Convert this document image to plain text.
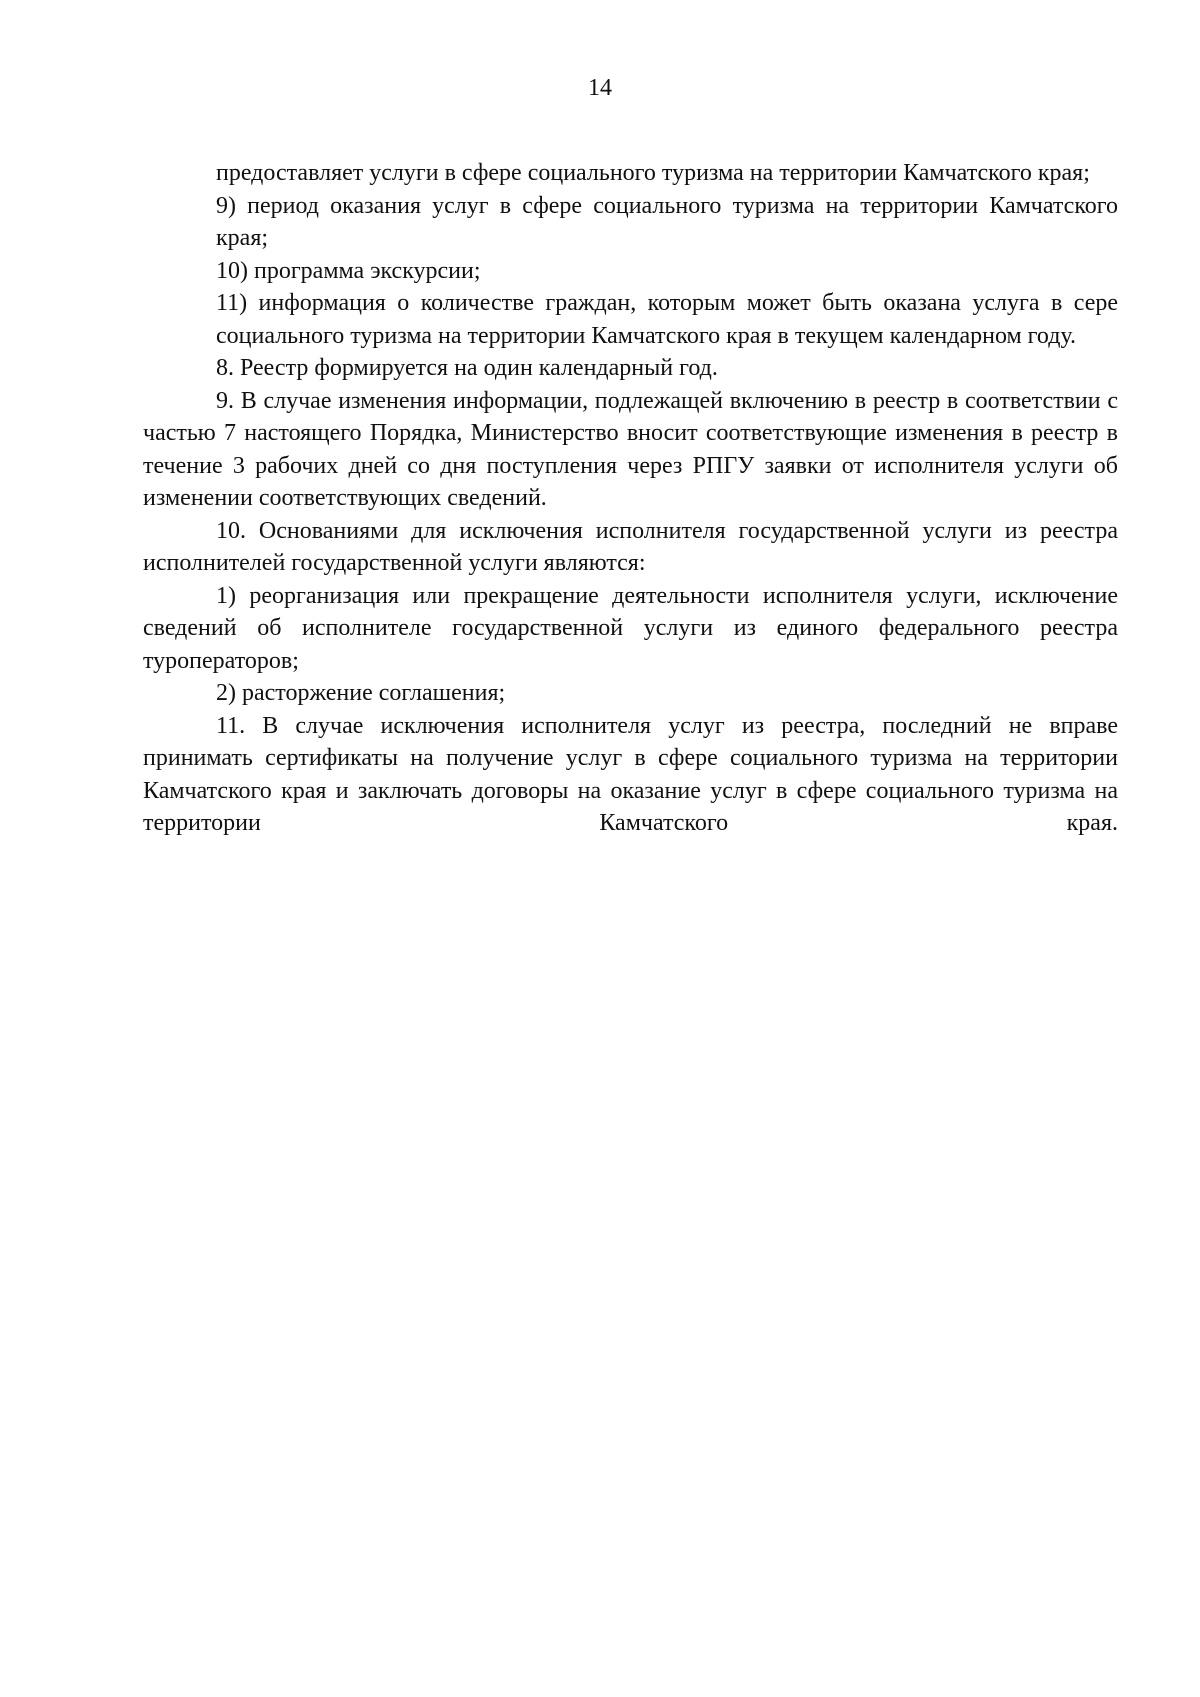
14

предоставляет услуги в сфере социального туризма на территории Камчатского края;

9) период оказания услуг в сфере социального туризма на территории Камчатского края;

10) программа экскурсии;

11) информация о количестве граждан, которым может быть оказана услуга в сере социального туризма на территории Камчатского края в текущем календарном году.

8. Реестр формируется на один календарный год.

9. В случае изменения информации, подлежащей включению в реестр в соответствии с частью 7 настоящего Порядка, Министерство вносит соответствующие изменения в реестр в течение 3 рабочих дней со дня поступления через РПГУ заявки от исполнителя услуги об изменении соответствующих сведений.

10. Основаниями для исключения исполнителя государственной услуги из реестра исполнителей государственной услуги являются:

1) реорганизация или прекращение деятельности исполнителя услуги, исключение сведений об исполнителе государственной услуги из единого федерального реестра туроператоров;

2) расторжение соглашения;

11. В случае исключения исполнителя услуг из реестра, последний не вправе принимать сертификаты на получение услуг в сфере социального туризма на территории Камчатского края и заключать договоры на оказание услуг в сфере социального туризма на территории Камчатского края.
